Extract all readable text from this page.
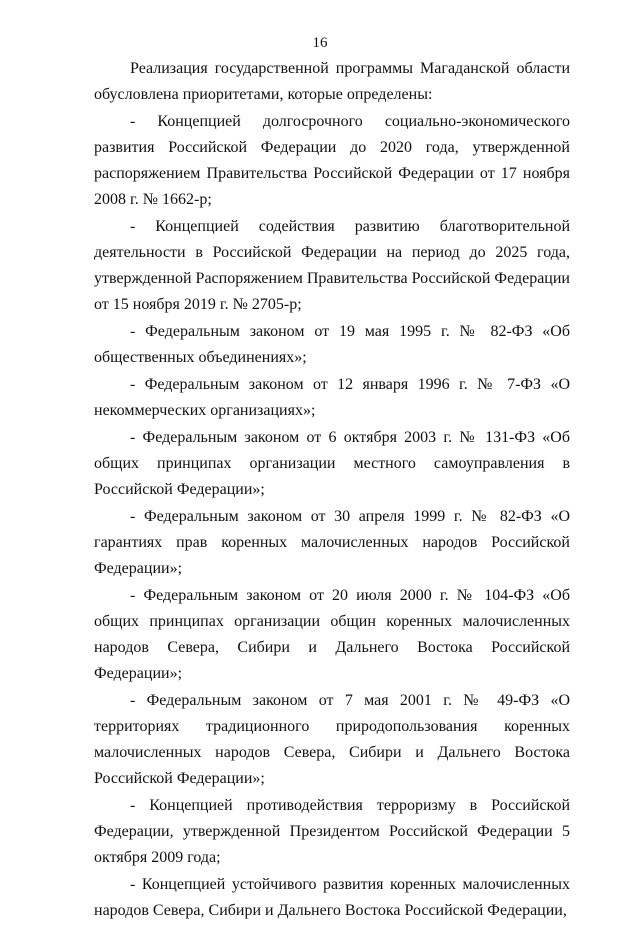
16

Реализация государственной программы Магаданской области обусловлена приоритетами, которые определены:

- Концепцией долгосрочного социально-экономического развития Российской Федерации до 2020 года, утвержденной распоряжением Правительства Российской Федерации от 17 ноября 2008 г. № 1662-р;

- Концепцией содействия развитию благотворительной деятельности в Российской Федерации на период до 2025 года, утвержденной Распоряжением Правительства Российской Федерации от 15 ноября 2019 г. № 2705-р;

- Федеральным законом от 19 мая 1995 г. № 82-ФЗ «Об общественных объединениях»;

- Федеральным законом от 12 января 1996 г. № 7-ФЗ «О некоммерческих организациях»;

- Федеральным законом от 6 октября 2003 г. № 131-ФЗ «Об общих принципах организации местного самоуправления в Российской Федерации»;

- Федеральным законом от 30 апреля 1999 г. № 82-ФЗ «О гарантиях прав коренных малочисленных народов Российской Федерации»;

- Федеральным законом от 20 июля 2000 г. № 104-ФЗ «Об общих принципах организации общин коренных малочисленных народов Севера, Сибири и Дальнего Востока Российской Федерации»;

- Федеральным законом от 7 мая 2001 г. № 49-ФЗ «О территориях традиционного природопользования коренных малочисленных народов Севера, Сибири и Дальнего Востока Российской Федерации»;

- Концепцией противодействия терроризму в Российской Федерации, утвержденной Президентом Российской Федерации 5 октября 2009 года;

- Концепцией устойчивого развития коренных малочисленных народов Севера, Сибири и Дальнего Востока Российской Федерации,
